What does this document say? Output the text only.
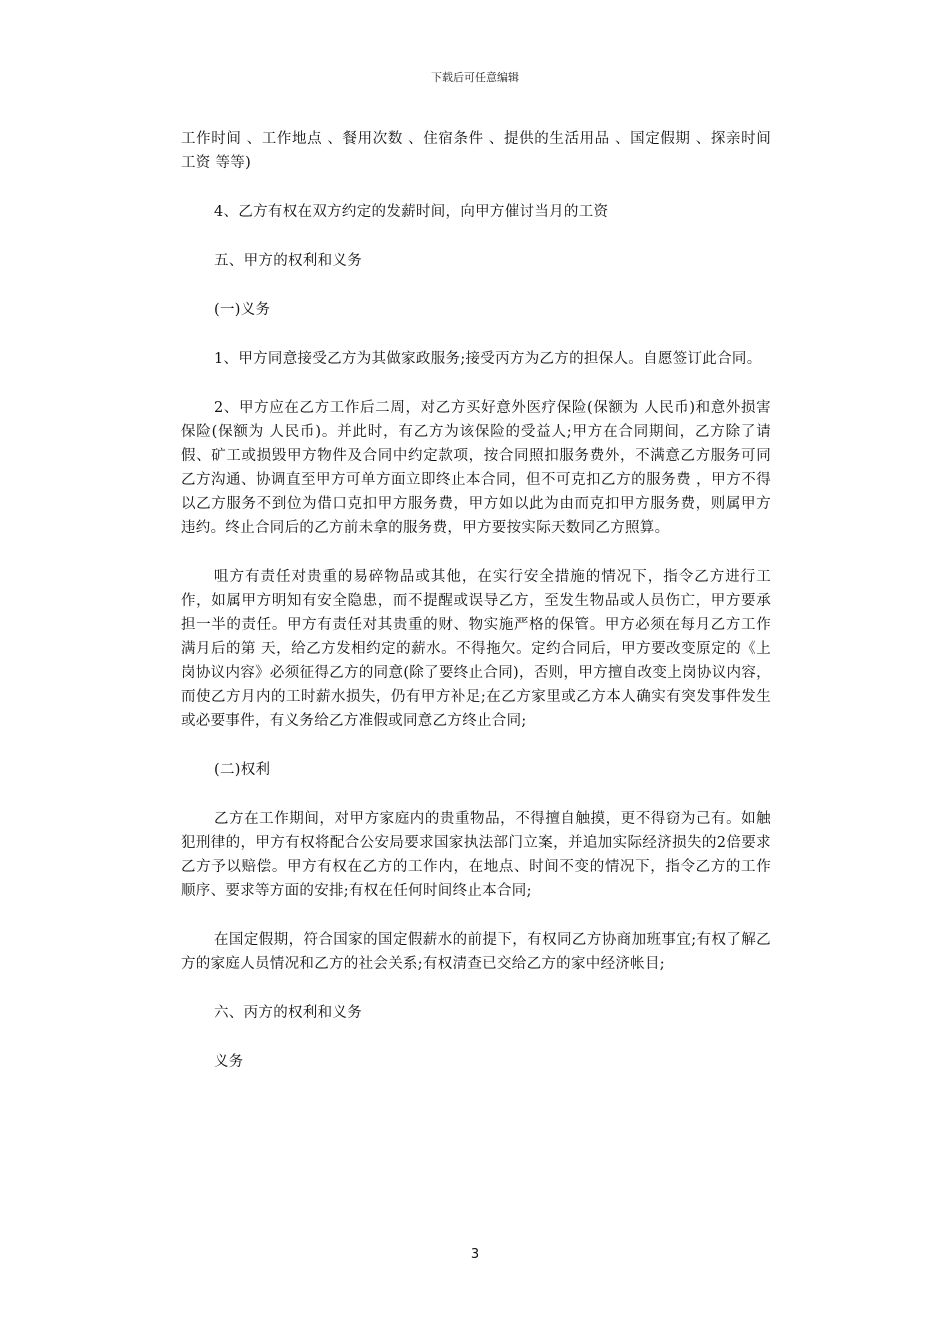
下载后可任意编辑

工作时间 、工作地点 、餐用次数 、住宿条件 、提供的生活用品 、国定假期 、探亲时间 工资 等等)

4、乙方有权在双方约定的发薪时间，向甲方催讨当月的工资

五、甲方的权利和义务

(一)义务

1、甲方同意接受乙方为其做家政服务;接受丙方为乙方的担保人。自愿签订此合同。

2、甲方应在乙方工作后二周，对乙方买好意外医疗保险(保额为 人民币)和意外损害保险(保额为 人民币)。并此时，有乙方为该保险的受益人;甲方在合同期间，乙方除了请假、矿工或损毁甲方物件及合同中约定款项，按合同照扣服务费外，不满意乙方服务可同乙方沟通、协调直至甲方可单方面立即终止本合同，但不可克扣乙方的服务费 ，甲方不得以乙方服务不到位为借口克扣甲方服务费，甲方如以此为由而克扣甲方服务费，则属甲方违约。终止合同后的乙方前未拿的服务费，甲方要按实际天数同乙方照算。

咀方有责任对贵重的易碎物品或其他，在实行安全措施的情况下，指令乙方进行工作，如属甲方明知有安全隐患，而不提醒或误导乙方，至发生物品或人员伤亡，甲方要承担一半的责任。甲方有责任对其贵重的财、物实施严格的保管。甲方必须在每月乙方工作满月后的第 天，给乙方发相约定的薪水。不得拖欠。定约合同后，甲方要改变原定的《上岗协议内容》必须征得乙方的同意(除了要终止合同)，否则，甲方擅自改变上岗协议内容，而使乙方月内的工时薪水损失，仍有甲方补足;在乙方家里或乙方本人确实有突发事件发生或必要事件，有义务给乙方准假或同意乙方终止合同;

(二)权利

乙方在工作期间，对甲方家庭内的贵重物品，不得擅自触摸，更不得窃为己有。如触犯刑律的，甲方有权将配合公安局要求国家执法部门立案，并追加实际经济损失的2倍要求乙方予以赔偿。甲方有权在乙方的工作内，在地点、时间不变的情况下，指令乙方的工作顺序、要求等方面的安排;有权在任何时间终止本合同;

在国定假期，符合国家的国定假薪水的前提下，有权同乙方协商加班事宜;有权了解乙方的家庭人员情况和乙方的社会关系;有权清查已交给乙方的家中经济帐目;

六、丙方的权利和义务

义务

3
